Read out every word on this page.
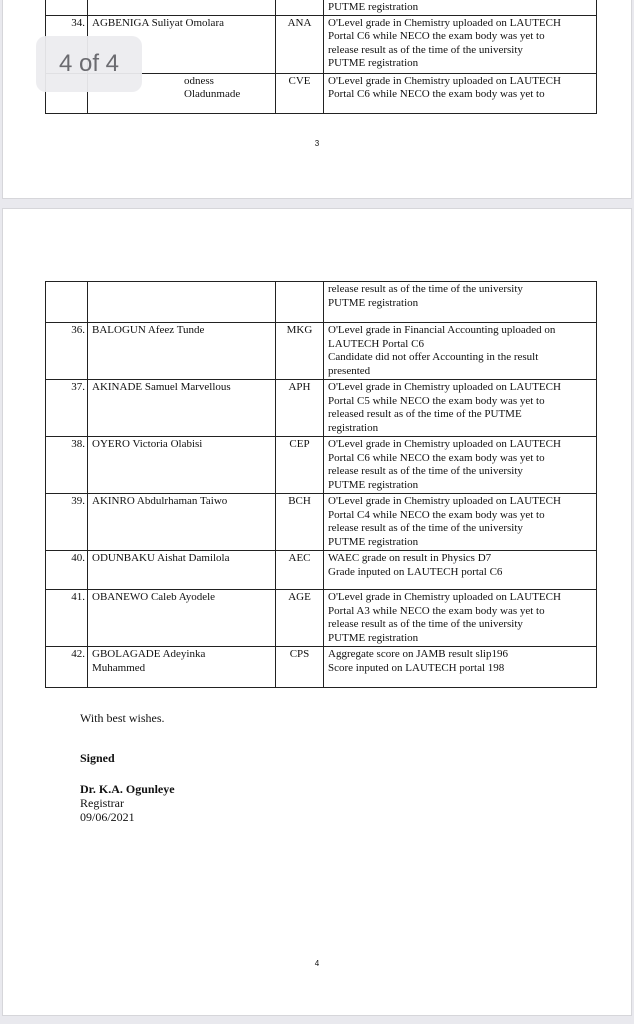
			PUTME registration
34.	AGBENIGA Suliyat Omolara	ANA	O'Level grade in Chemistry uploaded on LAUTECH
Portal C6 while NECO the exam body was yet to
release result as of the time of the university
PUTME registration
	odness Oladunmade	CVE	O'Level grade in Chemistry uploaded on LAUTECH
Portal C6 while NECO the exam body was yet to
3
4 of 4
			release result as of the time of the university
PUTME registration
36.	BALOGUN Afeez Tunde	MKG	O'Level grade in Financial Accounting uploaded on
LAUTECH Portal C6
Candidate did not offer Accounting in the result
presented
37.	AKINADE Samuel Marvellous	APH	O'Level grade in Chemistry uploaded on LAUTECH
Portal C5 while NECO the exam body was yet to
released result as of the time of the PUTME
registration
38.	OYERO Victoria Olabisi	CEP	O'Level grade in Chemistry uploaded on LAUTECH
Portal C6 while NECO the exam body was yet to
release result as of the time of the university
PUTME registration
39.	AKINRO Abdulrhaman Taiwo	BCH	O'Level grade in Chemistry uploaded on LAUTECH
Portal C4 while NECO the exam body was yet to
release result as of the time of the university
PUTME registration
40.	ODUNBAKU Aishat Damilola	AEC	WAEC grade on result in Physics D7
Grade inputed on LAUTECH portal C6
41.	OBANEWO Caleb Ayodele	AGE	O'Level grade in Chemistry uploaded on LAUTECH
Portal A3 while NECO the exam body was yet to
release result as of the time of the university
PUTME registration
42.	GBOLAGADE Adeyinka
Muhammed	CPS	Aggregate score on JAMB result slip196
Score inputed on LAUTECH portal 198
With best wishes.
Signed
Dr. K.A. Ogunleye
Registrar
09/06/2021
4
